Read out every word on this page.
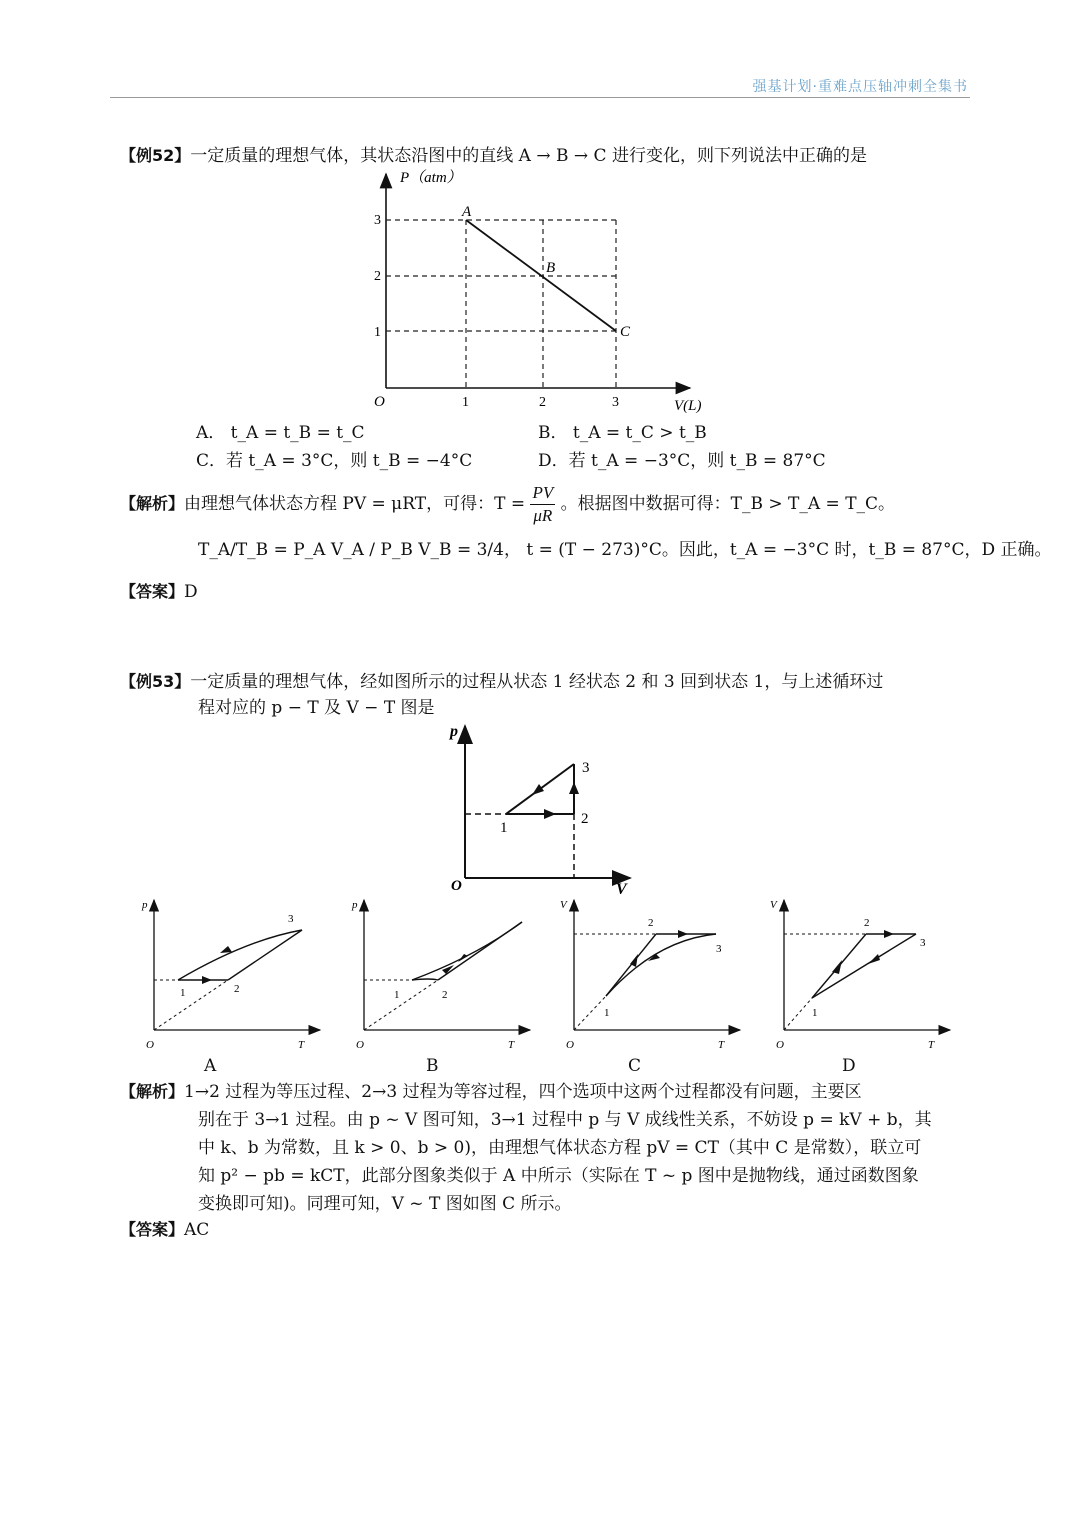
强基计划·重难点压轴冲刺全集书
【例52】一定质量的理想气体，其状态沿图中的直线 A → B → C 进行变化，则下列说法中正确的是
P（atm）
V(L)
O
1
2
3
1	2	3
A
B
C
A． t_A = t_B = t_C	B． t_A = t_C > t_B
C．若 t_A = 3°C，则 t_B = −4°C	D．若 t_A = −3°C，则 t_B = 87°C
【解析】由理想气体状态方程 PV = μRT，可得：$T = \frac{PV}{\mu R}$ 。根据图中数据可得：T_B > T_A = T_C。
T_A/T_B = P_A V_A / P_B V_B = 3/4， t = (T − 273)°C。因此，t_A = −3°C 时，t_B = 87°C，D 正确。
【答案】D
【例53】一定质量的理想气体，经如图所示的过程从状态 1 经状态 2 和 3 回到状态 1，与上述循环过
程对应的 p − T 及 V − T 图是
p
V
O
1
2
3
p
T
O
1	2
3
A
p
T
O
1	2
B
V
T
O
1
2
3
C
V
T
O
1
2
3
D
【解析】1→2 过程为等压过程、2→3 过程为等容过程，四个选项中这两个过程都没有问题，主要区
别在于 3→1 过程。由 p ~ V 图可知，3→1 过程中 p 与 V 成线性关系，不妨设 p = kV + b，其
中 k、b 为常数，且 k > 0、b > 0)，由理想气体状态方程 pV = CT（其中 C 是常数），联立可
知 p² − pb = kCT，此部分图象类似于 A 中所示（实际在 T ~ p 图中是抛物线，通过函数图象
变换即可知)。同理可知，V ~ T 图如图 C 所示。
【答案】AC
